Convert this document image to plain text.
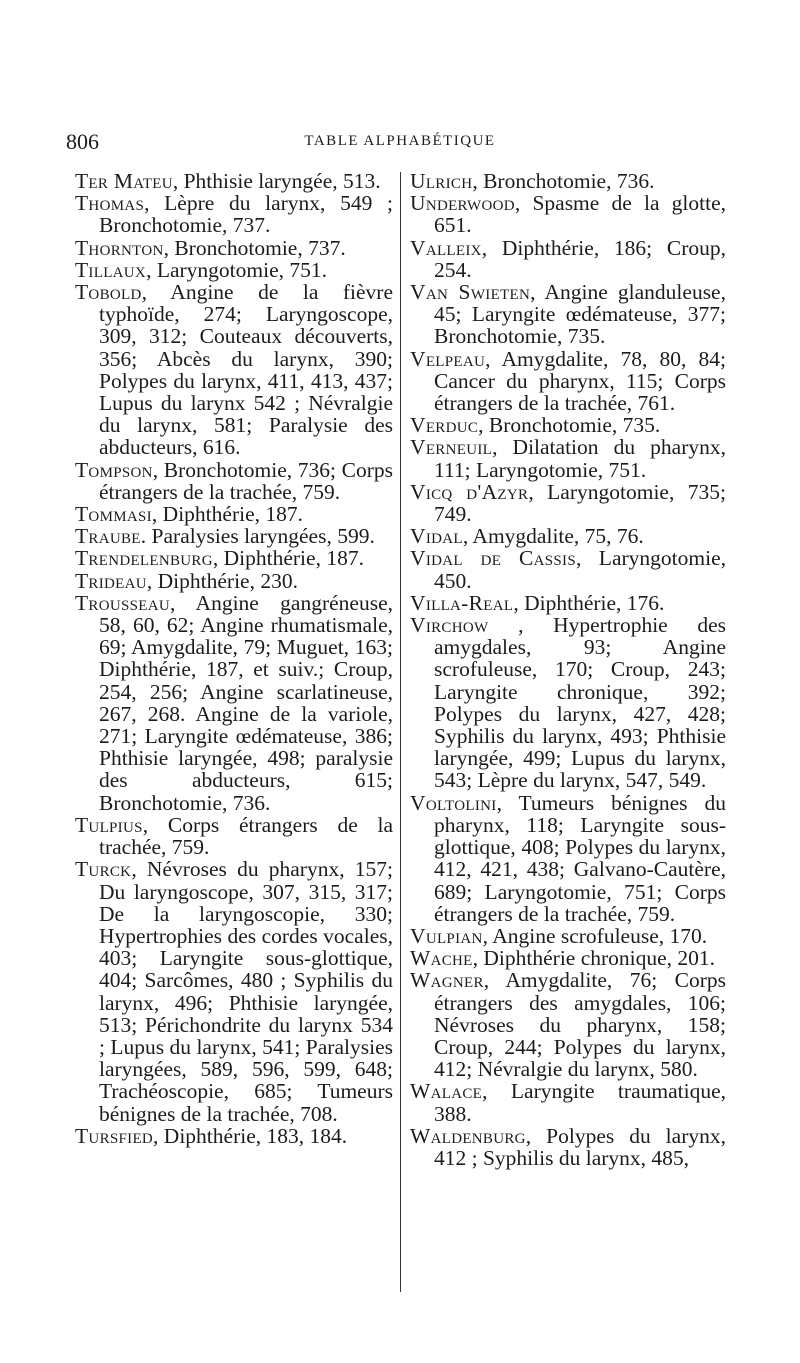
806	TABLE ALPHABÉTIQUE

Ter Mateu, Phthisie laryngée, 513.

Thomas, Lèpre du larynx, 549 ; Bronchotomie, 737.

Thornton, Bronchotomie, 737.

Tillaux, Laryngotomie, 751.

Tobold, Angine de la fièvre typhoïde, 274; Laryngoscope, 309, 312; Couteaux découverts, 356; Abcès du larynx, 390; Polypes du larynx, 411, 413, 437; Lupus du larynx 542 ; Névralgie du larynx, 581; Paralysie des abducteurs, 616.

Tompson, Bronchotomie, 736; Corps étrangers de la trachée, 759.

Tommasi, Diphthérie, 187.

Traube. Paralysies laryngées, 599.

Trendelenburg, Diphthérie, 187.

Trideau, Diphthérie, 230.

Trousseau, Angine gangréneuse, 58, 60, 62; Angine rhumatismale, 69; Amygdalite, 79; Muguet, 163; Diphthérie, 187, et suiv.; Croup, 254, 256; Angine scarlatineuse, 267, 268. Angine de la variole, 271; Laryngite œdémateuse, 386; Phthisie laryngée, 498; paralysie des abducteurs, 615; Bronchotomie, 736.

Tulpius, Corps étrangers de la trachée, 759.

Turck, Névroses du pharynx, 157; Du laryngoscope, 307, 315, 317; De la laryngoscopie, 330; Hypertrophies des cordes vocales, 403; Laryngite sous-glottique, 404; Sarcômes, 480 ; Syphilis du larynx, 496; Phthisie laryngée, 513; Périchondrite du larynx 534 ; Lupus du larynx, 541; Paralysies laryngées, 589, 596, 599, 648; Trachéoscopie, 685; Tumeurs bénignes de la trachée, 708.

Tursfied, Diphthérie, 183, 184.

Ulrich, Bronchotomie, 736.

Underwood, Spasme de la glotte, 651.

Valleix, Diphthérie, 186; Croup, 254.

Van Swieten, Angine glanduleuse, 45; Laryngite œdémateuse, 377; Bronchotomie, 735.

Velpeau, Amygdalite, 78, 80, 84; Cancer du pharynx, 115; Corps étrangers de la trachée, 761.

Verduc, Bronchotomie, 735.

Verneuil, Dilatation du pharynx, 111; Laryngotomie, 751.

Vicq d'Azyr, Laryngotomie, 735; 749.

Vidal, Amygdalite, 75, 76.

Vidal de Cassis, Laryngotomie, 450.

Villa-Real, Diphthérie, 176.

Virchow , Hypertrophie des amygdales, 93; Angine scrofuleuse, 170; Croup, 243; Laryngite chronique, 392; Polypes du larynx, 427, 428; Syphilis du larynx, 493; Phthisie laryngée, 499; Lupus du larynx, 543; Lèpre du larynx, 547, 549.

Voltolini, Tumeurs bénignes du pharynx, 118; Laryngite sous-glottique, 408; Polypes du larynx, 412, 421, 438; Galvano-Cautère, 689; Laryngotomie, 751; Corps étrangers de la trachée, 759.

Vulpian, Angine scrofuleuse, 170.

Wache, Diphthérie chronique, 201.

Wagner, Amygdalite, 76; Corps étrangers des amygdales, 106; Névroses du pharynx, 158; Croup, 244; Polypes du larynx, 412; Névralgie du larynx, 580.

Walace, Laryngite traumatique, 388.

Waldenburg, Polypes du larynx, 412 ; Syphilis du larynx, 485,
